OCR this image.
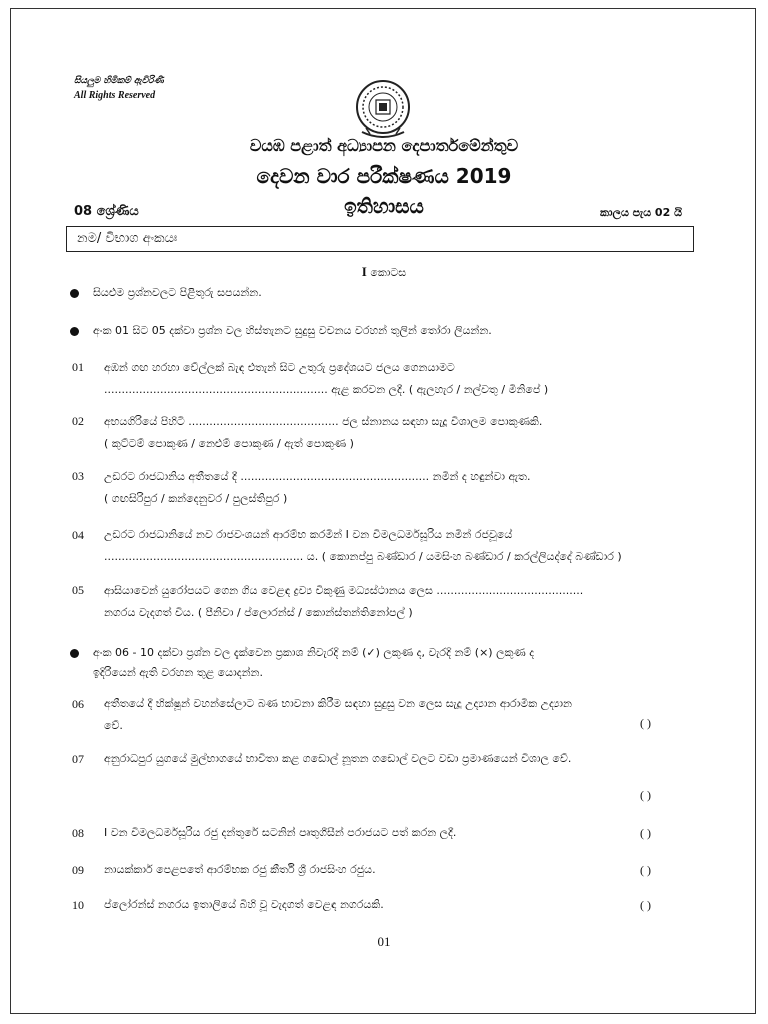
සියලුම හිමිකම් ඇවිරිණි
All Rights Reserved
වයඹ පළාත් අධ්‍යාපන දෙපාර්තමේන්තුව
දෙවන වාර පරීක්ෂණය 2019
ඉතිහාසය
08 ශ්‍රේණිය	කාලය පැය 02 යි
නම/ විභාග අංකයඃ
I කොටස
සියළුම ප්‍රශ්නවලට පිළිතුරු සපයන්න.
අංක 01 සිට 05 දක්වා ප්‍රශ්න වල හිස්තැනට සුදුසු වචනය වරහන් තුලින් තෝරා ලියන්න.
01 අඹන් ගඟ හරහා වේල්ලක් බැඳ එතැන් සිට උතුරු ප්‍රදේශයට ජලය ගෙනයාමට
................................................................ ඇළ කරවන ලදී. ( ඇලහැර / නල්වතු / මිනිපේ )
02 අභයගිරියේ පිහිටි ........................................... ජල ස්නානය සඳහා සැදූ විශාලම පොකුණකි.
( කුට්ටම් පොකුණ / නෙළුම් පොකුණ / ඇත් පොකුණ )
03 උඩරට රාජධානිය අතීතයේ දී ...................................................... නමින් ද හඳුන්වා ඇත.
( ගඟසිරිපුර / කන්දෙනුවර / පුලස්තිපුර )
04 උඩරට රාජධානියේ නව රාජවංශයන් ආරම්භ කරමින් I වන විමලධර්මසූරිය නමින් රජවූයේ
......................................................... ය. ( කොනප්පු බණ්ඩාර / යමසිංහ බණ්ඩාර / කරල්ලියද්දේ බණ්ඩාර )
05 ආසියාවෙන් යුරෝපයට ගෙන ගිය වෙළඳ ද්‍රව්‍ය විකුණු මධ්‍යස්ථානය ලෙස ..........................................
නගරය වැදගත් විය. ( පීනිවා / ප්ලොරන්ස් / කොන්ස්තන්තිනෝපල් )
අංක 06 - 10 දක්වා ප්‍රශ්න වල දැක්වෙන ප්‍රකාශ නිවැරදි නම් (✓) ලකුණ ද, වැරදි නම් (×) ලකුණ ද
ඉදිරියෙන් ඇති වරහන තුළ යොදන්න.
06 අතීතයේ දී භික්ෂූන් වහන්සේලාට බණ භාවනා කිරීම සඳහා සුදුසු වන ලෙස සැදූ උද්‍යාන ආරාමික උද්‍යාන
වේ.	( )
07 අනුරාධපුර යුගයේ මුල්භාගයේ භාවිතා කළ ගඩොල් නූතන ගඩොල් වලට වඩා ප්‍රමාණයෙන් විශාල වේ.
( )
08 I වන විමලධර්මසූරිය රජු දන්තුරේ සටනින් පෘතුගීසීන් පරාජයට පත් කරන ලදී.	( )
09 නායක්කාර් පෙළපතේ ආරම්භක රජු කීර්ති ශ්‍රී රාජසිංහ රජුය.	( )
10 ප්ලෝරන්ස් නගරය ඉතාලියේ බිහි වූ වැදගත් වෙළඳ නගරයකි.	( )
01
